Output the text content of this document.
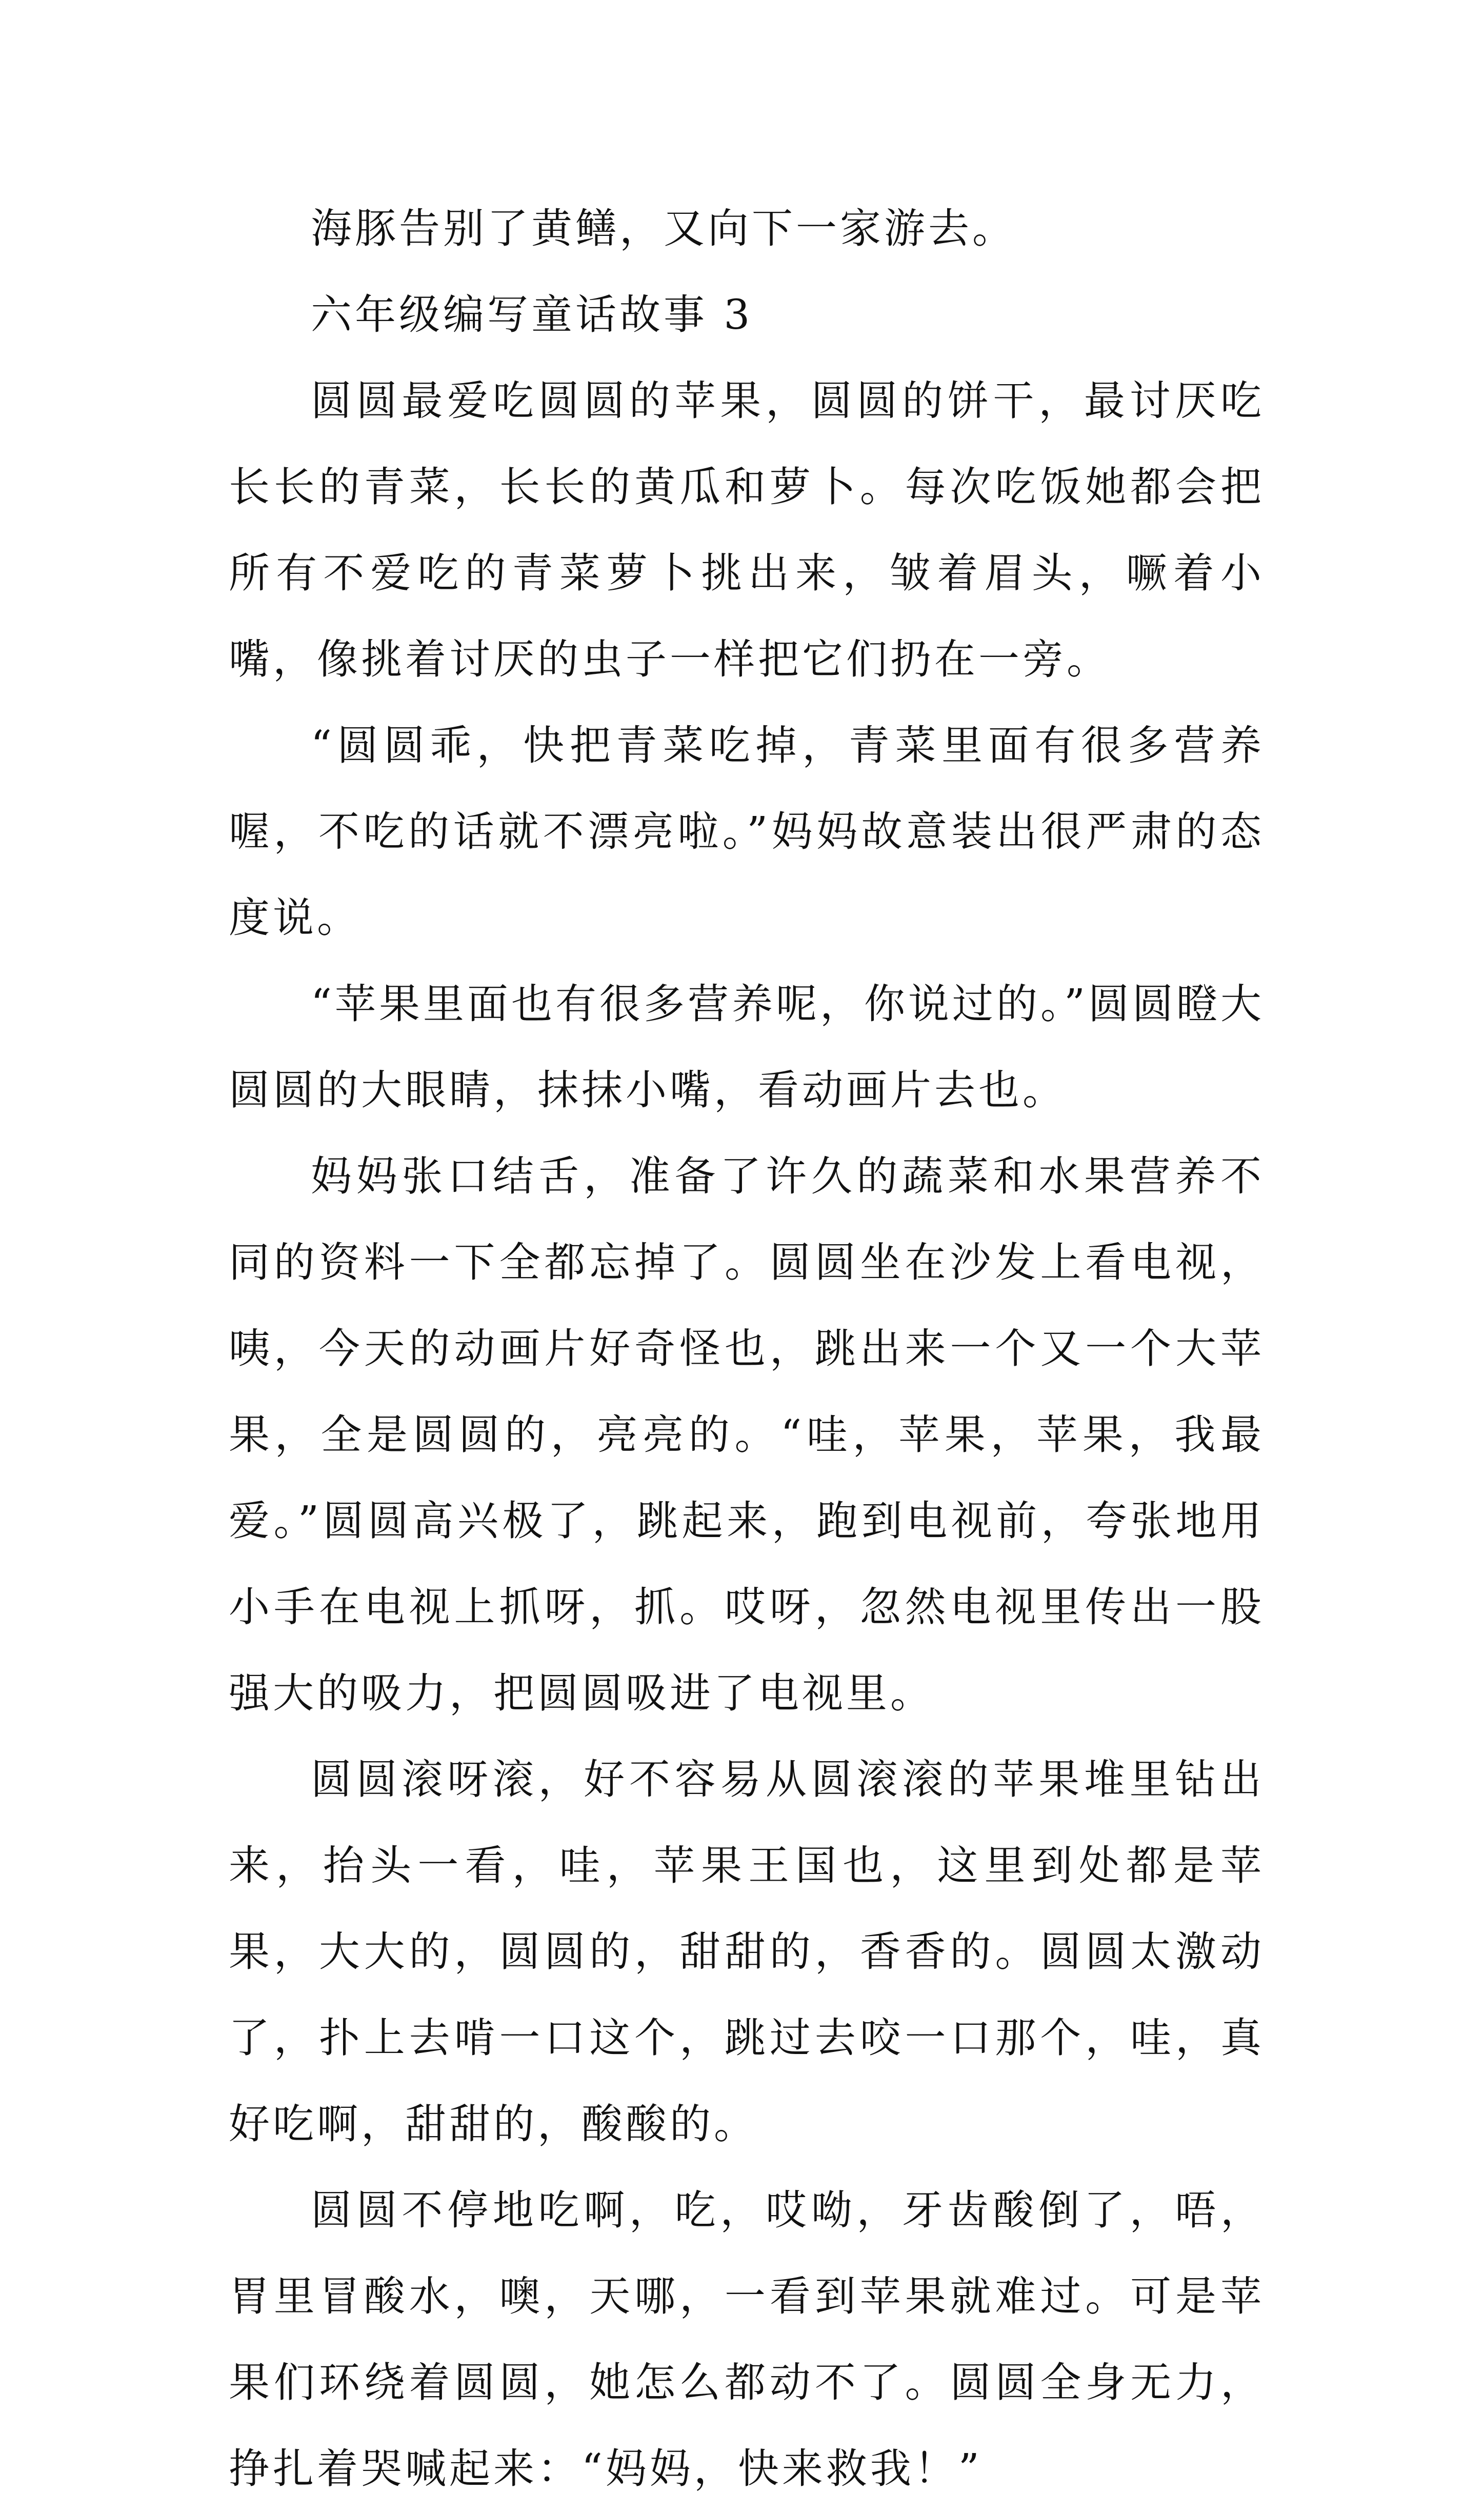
海豚告别了黄鳝，又向下一家游去。

六年级编写童话故事 3

圆圆最爱吃圆圆的苹果，圆圆的饼干，最讨厌吃长长的青菜，长长的黄瓜和萝卜。每次吃饭她都会把所有不爱吃的青菜萝卜挑出来，皱着眉头，噘着小嘴，像挑着讨厌的虫子一样把它们扔在一旁。

“圆圆乖，快把青菜吃掉，青菜里面有很多营养喔，不吃的话就不漂亮啦。”妈妈故意装出很严肃的态度说。

“苹果里面也有很多营养呢，你说过的。”圆圆瞪大圆圆的大眼睛，抹抹小嘴，看动画片去也。

妈妈张口结舌，准备了许久的蔬菜和水果营养不同的资料一下全都忘掉了。圆圆坐在沙发上看电视，咦，今天的动画片好奇怪也，跳出来一个又一个大苹果，全是圆圆的，亮亮的。“哇，苹果，苹果，我最爱。”圆圆高兴极了，跳起来，跑到电视前，夸张地用小手在电视上抓呀，抓。哎呀，忽然电视里传出一股强大的吸力，把圆圆吸进了电视里。

圆圆滚呀滚，好不容易从圆滚滚的苹果堆里钻出来，抬头一看，哇，苹果王国也，这里到处都是苹果，大大的，圆圆的，甜甜的，香香的。圆圆太激动了，扑上去啃一口这个，跳过去咬一口那个，哇，真好吃啊，甜甜的，酸酸的。

圆圆不停地吃啊，吃，哎呦，牙齿酸倒了，唔，胃里冒酸水，噢，天哪，一看到苹果就难过。可是苹果们环绕着圆圆，她怎么都动不了。圆圆全身无力，挣扎着哭喊起来：“妈妈，快来救我！”
